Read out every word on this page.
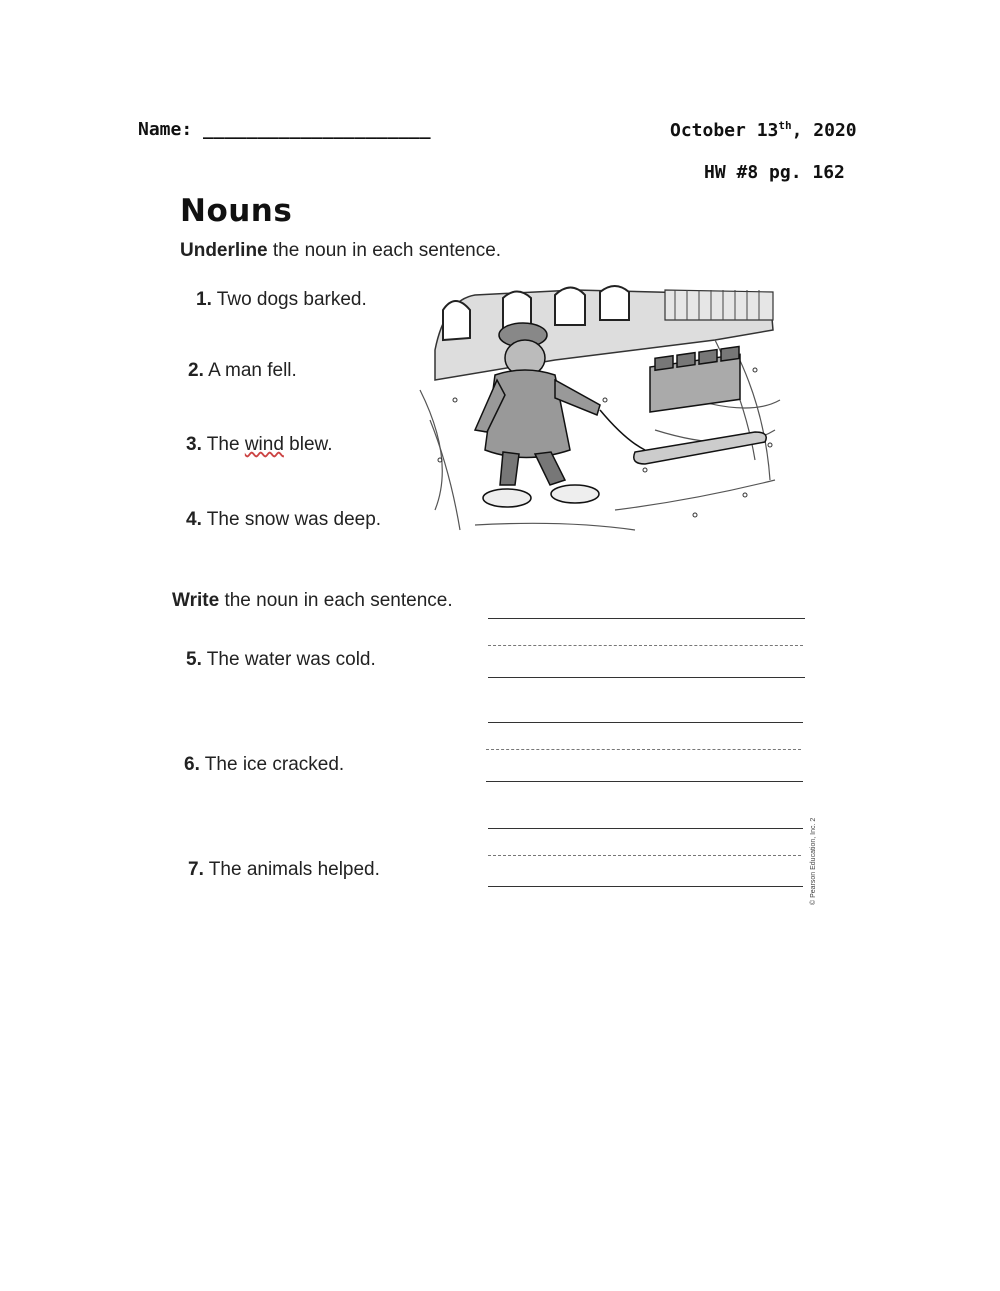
Name: _____________________	October 13th, 2020
HW #8 pg. 162
Nouns
Underline the noun in each sentence.
1. Two dogs barked.
2. A man fell.
3. The wind blew.
4. The snow was deep.
Write the noun in each sentence.
5. The water was cold.
6. The ice cracked.
7. The animals helped.	© Pearson Education, Inc. 2
